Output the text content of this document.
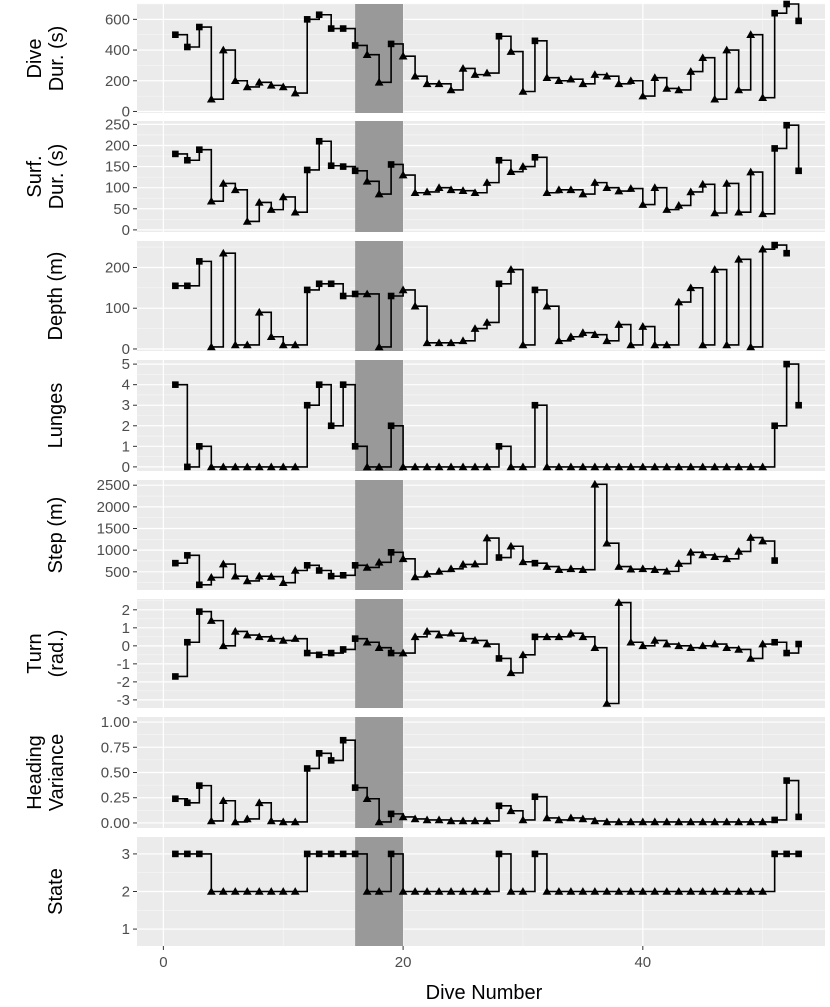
0
200
400
600
Dive Dur. (s)
0
50
100
150
200
250
Surf. Dur. (s)
0
100
200
Depth (m)
0
1
2
3
4
5
Lunges
500
1000
1500
2000
2500
Step (m)
-3
-2
-1
0
1
2
Turn (rad.)
0.00
0.25
0.50
0.75
1.00
Heading Variance
1
2
3
State
0	20	40
Dive Number
